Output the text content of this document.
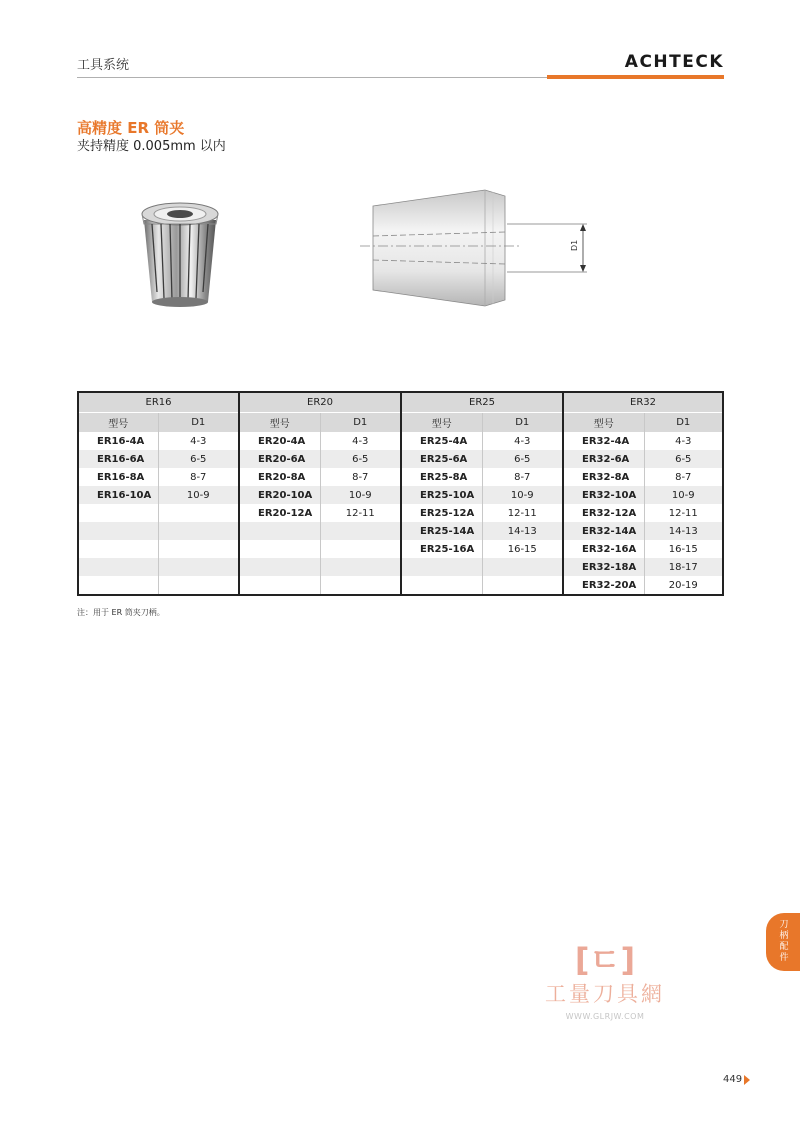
工具系统	ACHTECK
高精度 ER 筒夹
夹持精度 0.005mm 以内
D1
ER16		ER20		ER25		ER32	
型号	D1	型号	D1	型号	D1	型号	D1
ER16-4A	4-3	ER20-4A	4-3	ER25-4A	4-3	ER32-4A	4-3
ER16-6A	6-5	ER20-6A	6-5	ER25-6A	6-5	ER32-6A	6-5
ER16-8A	8-7	ER20-8A	8-7	ER25-8A	8-7	ER32-8A	8-7
ER16-10A	10-9	ER20-10A	10-9	ER25-10A	10-9	ER32-10A	10-9
		ER20-12A	12-11	ER25-12A	12-11	ER32-12A	12-11
				ER25-14A	14-13	ER32-14A	14-13
				ER25-16A	16-15	ER32-16A	16-15
						ER32-18A	18-17
						ER32-20A	20-19
注：用于 ER 筒夹刀柄。
刀柄配件
[ㄷ]
工量刀具網
WWW.GLRJW.COM
449
